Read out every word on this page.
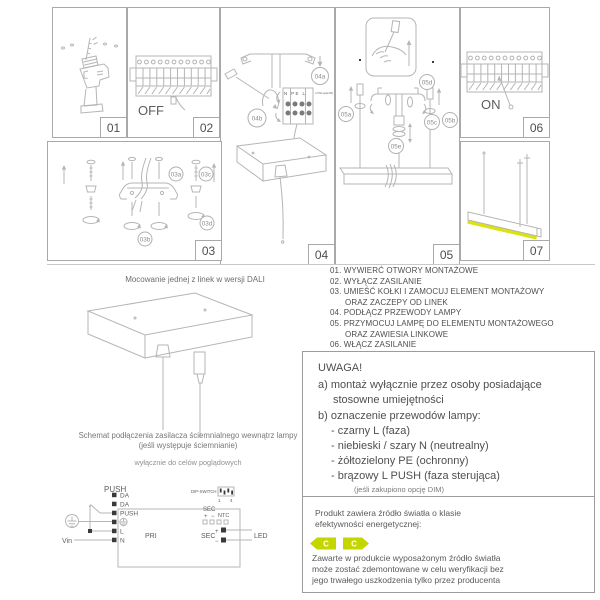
01
OFF
02
04a
04b
N PE L	L PUSH (opcja DIM)
04
05a
05d
05c 05b
05e
05
ON
06
03a	03c
03d
03b
03	07
Mocowanie jednej z linek w wersji DALI
Schemat podłączenia zasilacza ściemnialnego wewnątrz lampy
(jeśli występuje ściemnianie)
wyłącznie do celów poglądowych
01. WYWIERĆ OTWORY MONTAŻOWE
02. WYŁĄCZ ZASILANIE
03. UMIEŚĆ KOŁKI I ZAMOCUJ ELEMENT MONTAŻOWY
ORAZ ZACZEPY OD LINEK
04. PODŁĄCZ PRZEWODY LAMPY
05. PRZYMOCUJ LAMPĘ DO ELEMENTU MONTAŻOWEGO
ORAZ ZAWIESIA LINKOWE
06. WŁĄCZ ZASILANIE
UWAGA!
a) montaż wyłącznie przez osoby posiadające
stosowne umiejętności
b) oznaczenie przewodów lampy:
- czarny L (faza)
- niebieski / szary N (neutrealny)
- żółtozielony PE (ochronny)
- brązowy L PUSH (faza sterująca)
(jeśli zakupiono opcję DIM)
Produkt zawiera źródło światła o klasie
efektywności energetycznej:
C	C
Zawarte w produkcie wyposażonym źródło światła
może zostać zdemontowane w celu weryfikacji bez
jego trwałego uszkodzenia tylko przez producenta
DA
DA
PUSH
L
N
PRI
PUSH
Vin
DIP-SWITCH
1 4
SEC
+ − NTC
SEC
+
−
LED
